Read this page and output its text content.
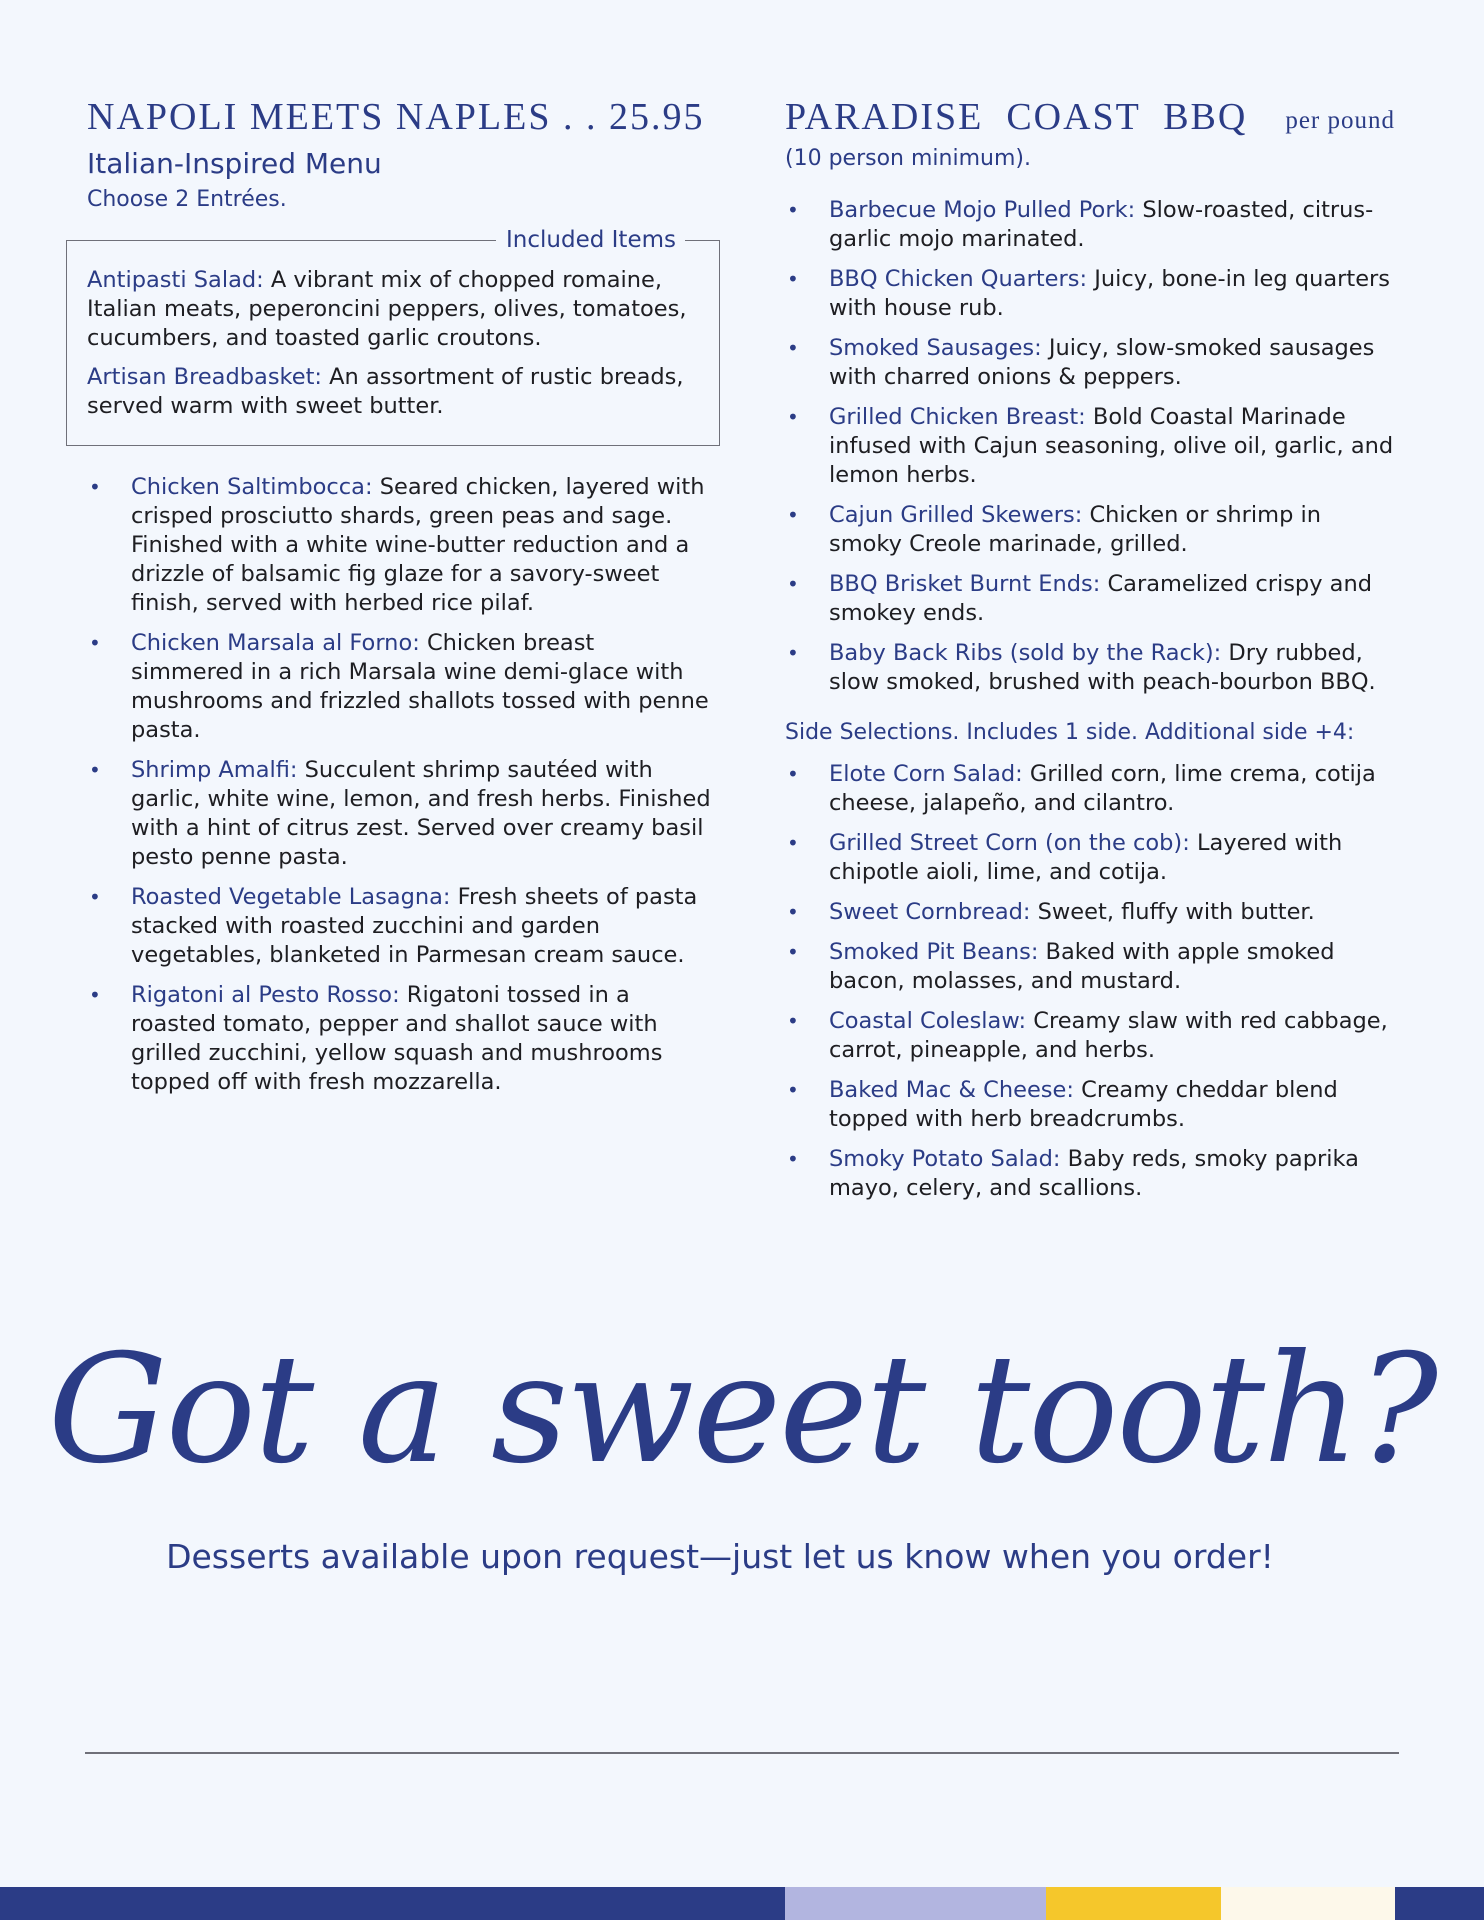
NAPOLI MEETS NAPLES . . 25.95
Italian-Inspired Menu
Choose 2 Entrées.
Included Items
Antipasti Salad: A vibrant mix of chopped romaine, Italian meats, peperoncini peppers, olives, tomatoes, cucumbers, and toasted garlic croutons.
Artisan Breadbasket: An assortment of rustic breads, served warm with sweet butter.
• Chicken Saltimbocca: Seared chicken, layered with crisped prosciutto shards, green peas and sage. Finished with a white wine-butter reduction and a drizzle of balsamic fig glaze for a savory-sweet finish, served with herbed rice pilaf.
• Chicken Marsala al Forno: Chicken breast simmered in a rich Marsala wine demi-glace with mushrooms and frizzled shallots tossed with penne pasta.
• Shrimp Amalfi: Succulent shrimp sautéed with garlic, white wine, lemon, and fresh herbs. Finished with a hint of citrus zest. Served over creamy basil pesto penne pasta.
• Roasted Vegetable Lasagna: Fresh sheets of pasta stacked with roasted zucchini and garden vegetables, blanketed in Parmesan cream sauce.
• Rigatoni al Pesto Rosso: Rigatoni tossed in a roasted tomato, pepper and shallot sauce with grilled zucchini, yellow squash and mushrooms topped off with fresh mozzarella.
PARADISE  COAST  BBQ per pound
(10 person minimum).
• Barbecue Mojo Pulled Pork: Slow-roasted, citrus-garlic mojo marinated.
• BBQ Chicken Quarters: Juicy, bone-in leg quarters with house rub.
• Smoked Sausages: Juicy, slow-smoked sausages with charred onions & peppers.
• Grilled Chicken Breast: Bold Coastal Marinade infused with Cajun seasoning, olive oil, garlic, and lemon herbs.
• Cajun Grilled Skewers: Chicken or shrimp in smoky Creole marinade, grilled.
• BBQ Brisket Burnt Ends: Caramelized crispy and smokey ends.
• Baby Back Ribs (sold by the Rack): Dry rubbed, slow smoked, brushed with peach-bourbon BBQ.
Side Selections. Includes 1 side. Additional side +4:
• Elote Corn Salad: Grilled corn, lime crema, cotija cheese, jalapeño, and cilantro.
• Grilled Street Corn (on the cob): Layered with chipotle aioli, lime, and cotija.
• Sweet Cornbread: Sweet, fluffy with butter.
• Smoked Pit Beans: Baked with apple smoked bacon, molasses, and mustard.
• Coastal Coleslaw: Creamy slaw with red cabbage, carrot, pineapple, and herbs.
• Baked Mac & Cheese: Creamy cheddar blend topped with herb breadcrumbs.
• Smoky Potato Salad: Baby reds, smoky paprika mayo, celery, and scallions.
Got a sweet tooth?
Desserts available upon request—just let us know when you order!
